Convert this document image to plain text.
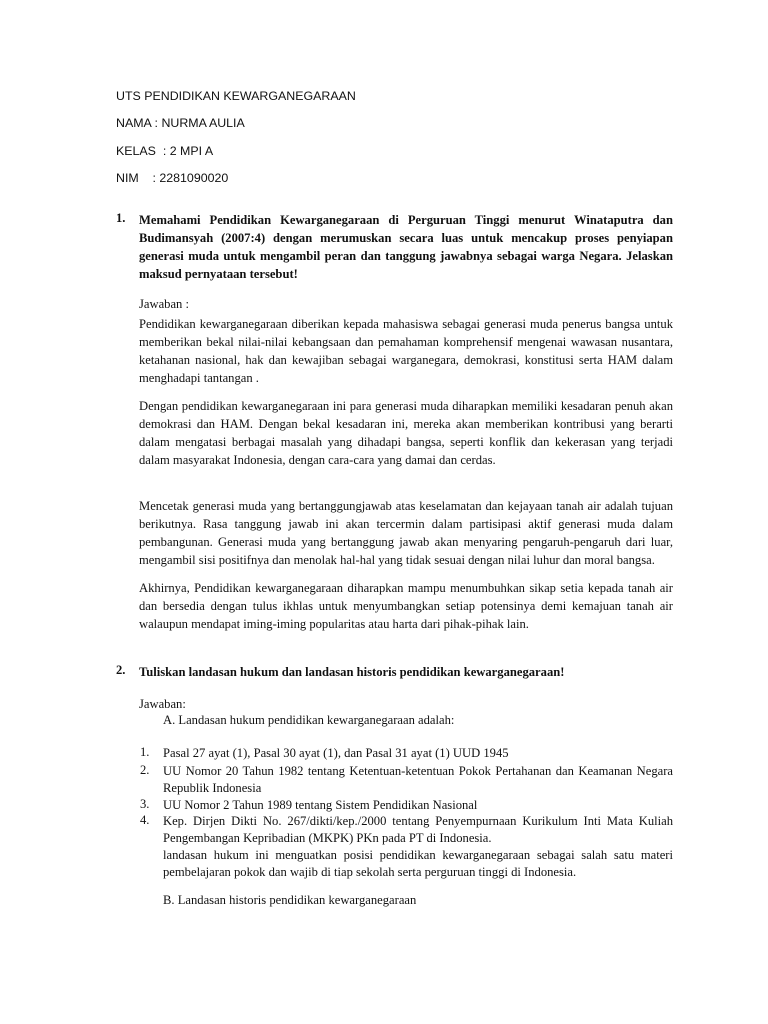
UTS PENDIDIKAN KEWARGANEGARAAN
NAMA : NURMA AULIA
KELAS  : 2 MPI A
NIM    : 2281090020
1. Memahami Pendidikan Kewarganegaraan di Perguruan Tinggi menurut Winataputra dan Budimansyah (2007:4) dengan merumuskan secara luas untuk mencakup proses penyiapan generasi muda untuk mengambil peran dan tanggung jawabnya sebagai warga Negara. Jelaskan maksud pernyataan tersebut!
Jawaban :
Pendidikan kewarganegaraan diberikan kepada mahasiswa sebagai generasi muda penerus bangsa untuk memberikan bekal nilai-nilai kebangsaan dan pemahaman komprehensif mengenai wawasan nusantara, ketahanan nasional, hak dan kewajiban sebagai warganegara, demokrasi, konstitusi serta HAM dalam menghadapi tantangan .
Dengan pendidikan kewarganegaraan ini para generasi muda diharapkan memiliki kesadaran penuh akan demokrasi dan HAM. Dengan bekal kesadaran ini, mereka akan memberikan kontribusi yang berarti dalam mengatasi berbagai masalah yang dihadapi bangsa, seperti konflik dan kekerasan yang terjadi dalam masyarakat Indonesia, dengan cara-cara yang damai dan cerdas.
Mencetak generasi muda yang bertanggungjawab atas keselamatan dan kejayaan tanah air adalah tujuan berikutnya. Rasa tanggung jawab ini akan tercermin dalam partisipasi aktif generasi muda dalam pembangunan. Generasi muda yang bertanggung jawab akan menyaring pengaruh-pengaruh dari luar, mengambil sisi positifnya dan menolak hal-hal yang tidak sesuai dengan nilai luhur dan moral bangsa.
Akhirnya, Pendidikan kewarganegaraan diharapkan mampu menumbuhkan sikap setia kepada tanah air dan bersedia dengan tulus ikhlas untuk menyumbangkan setiap potensinya demi kemajuan tanah air walaupun mendapat iming-iming popularitas atau harta dari pihak-pihak lain.
2. Tuliskan landasan hukum dan landasan historis pendidikan kewarganegaraan!
Jawaban:
A. Landasan hukum pendidikan kewarganegaraan adalah:
1. Pasal 27 ayat (1), Pasal 30 ayat (1), dan Pasal 31 ayat (1) UUD 1945
2. UU Nomor 20 Tahun 1982 tentang Ketentuan-ketentuan Pokok Pertahanan dan Keamanan Negara Republik Indonesia
3. UU Nomor 2 Tahun 1989 tentang Sistem Pendidikan Nasional
4. Kep. Dirjen Dikti No. 267/dikti/kep./2000 tentang Penyempurnaan Kurikulum Inti Mata Kuliah Pengembangan Kepribadian (MKPK) PKn pada PT di Indonesia.
landasan hukum ini menguatkan posisi pendidikan kewarganegaraan sebagai salah satu materi pembelajaran pokok dan wajib di tiap sekolah serta perguruan tinggi di Indonesia.
B. Landasan historis pendidikan kewarganegaraan
